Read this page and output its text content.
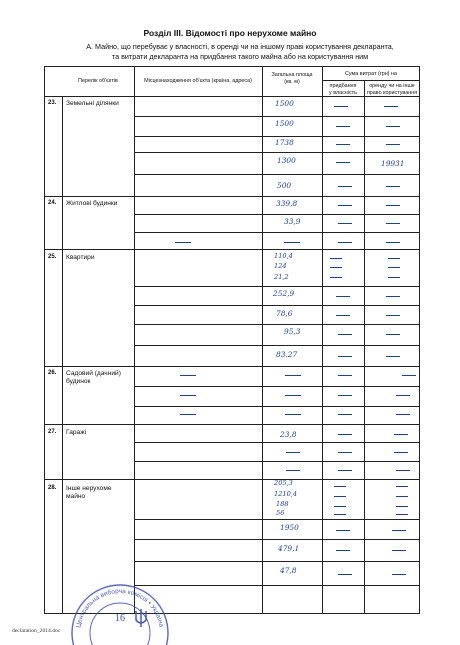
Розділ III. Відомості про нерухоме майно
А. Майно, що перебуває у власності, в оренді чи на іншому праві користування декларанта,
та витрати декларанта на придбання такого майна або на користування ним
Перелік об'єктів	Місцезнаходження об'єкта (країна, адреса)
Загальна площа
(кв. м)
Сума витрат (грн) на
придбання
у власність
оренду чи на інше
право користування
23. Земельні ділянки
24. Житлові будинки
25. Квартири
26. Садовий (дачний)
будинок
27. Гаражі
28. Інше нерухоме
майно
1500
1500
1738
1300
500
339,8
33,9
110,4
124
21,2
252,9
78,6
95,3
83,27
23,8
205,3
1210,4
188
56
1950
479,1
47,8
19931
Центральна виборча комісія • Україна
16
declaration_2014.doc
